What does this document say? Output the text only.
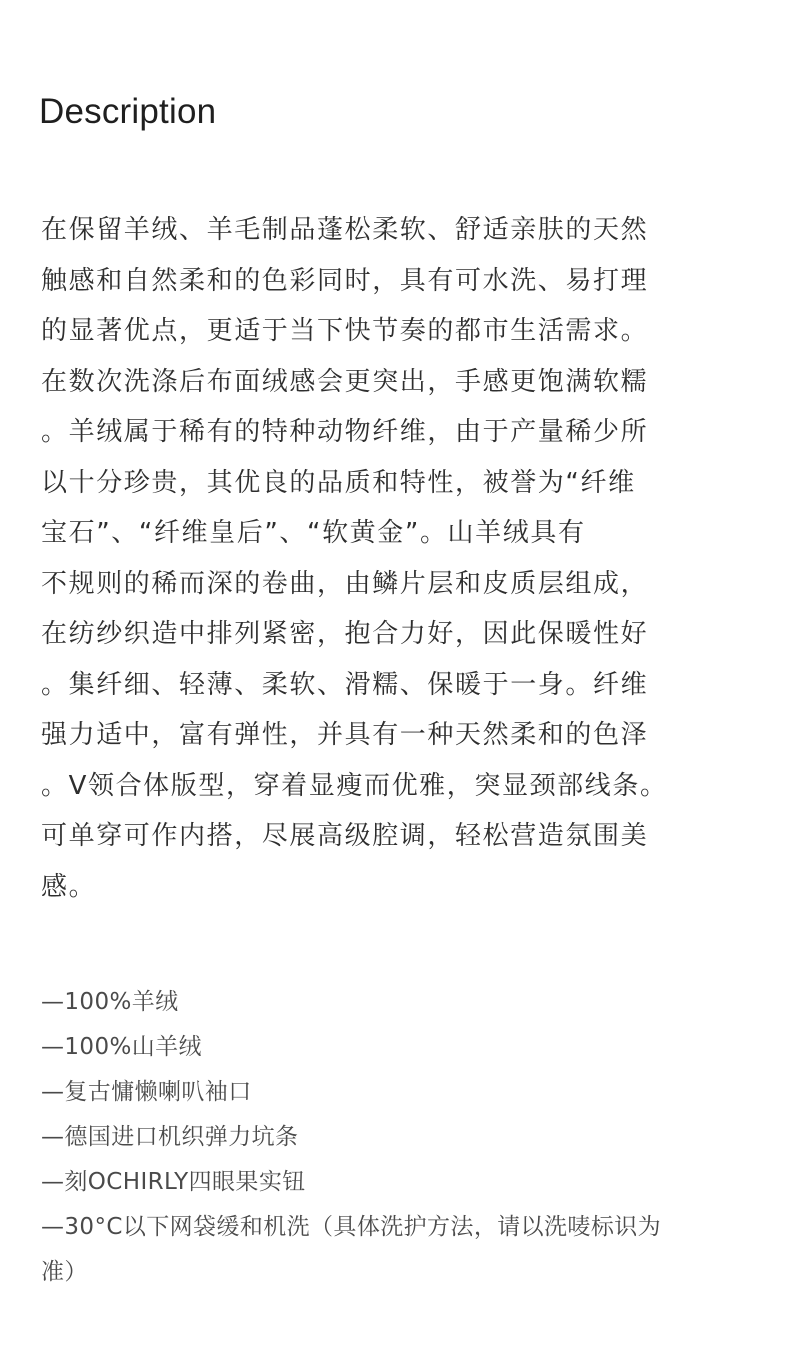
Description
在保留羊绒、羊毛制品蓬松柔软、舒适亲肤的天然
触感和自然柔和的色彩同时，具有可水洗、易打理
的显著优点，更适于当下快节奏的都市生活需求。
在数次洗涤后布面绒感会更突出，手感更饱满软糯
。羊绒属于稀有的特种动物纤维，由于产量稀少所
以十分珍贵，其优良的品质和特性，被誉为“纤维
宝石”、“纤维皇后”、“软黄金”。山羊绒具有
不规则的稀而深的卷曲，由鳞片层和皮质层组成，
在纺纱织造中排列紧密，抱合力好，因此保暖性好
。集纤细、轻薄、柔软、滑糯、保暖于一身。纤维
强力适中，富有弹性，并具有一种天然柔和的色泽
。V领合体版型，穿着显瘦而优雅，突显颈部线条。
可单穿可作内搭，尽展高级腔调，轻松营造氛围美
感。
—100%羊绒
—100%山羊绒
—复古慵懒喇叭袖口
—德国进口机织弹力坑条
—刻OCHIRLY四眼果实钮
—30°C以下网袋缓和机洗（具体洗护方法，请以洗唛标识为
准）
